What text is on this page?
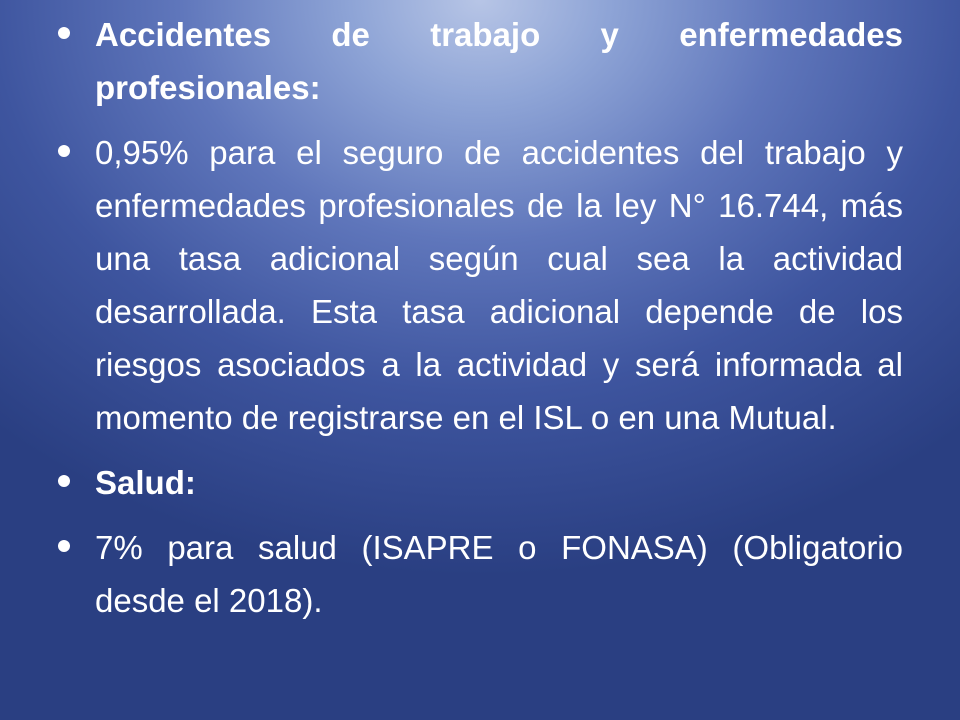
Accidentes de trabajo y enfermedades profesionales:
0,95% para el seguro de accidentes del trabajo y enfermedades profesionales de la ley N° 16.744, más una tasa adicional según cual sea la actividad desarrollada. Esta tasa adicional depende de los riesgos asociados a la actividad y será informada al momento de registrarse en el ISL o en una Mutual.
Salud:
7% para salud (ISAPRE o FONASA) (Obligatorio desde el 2018).
